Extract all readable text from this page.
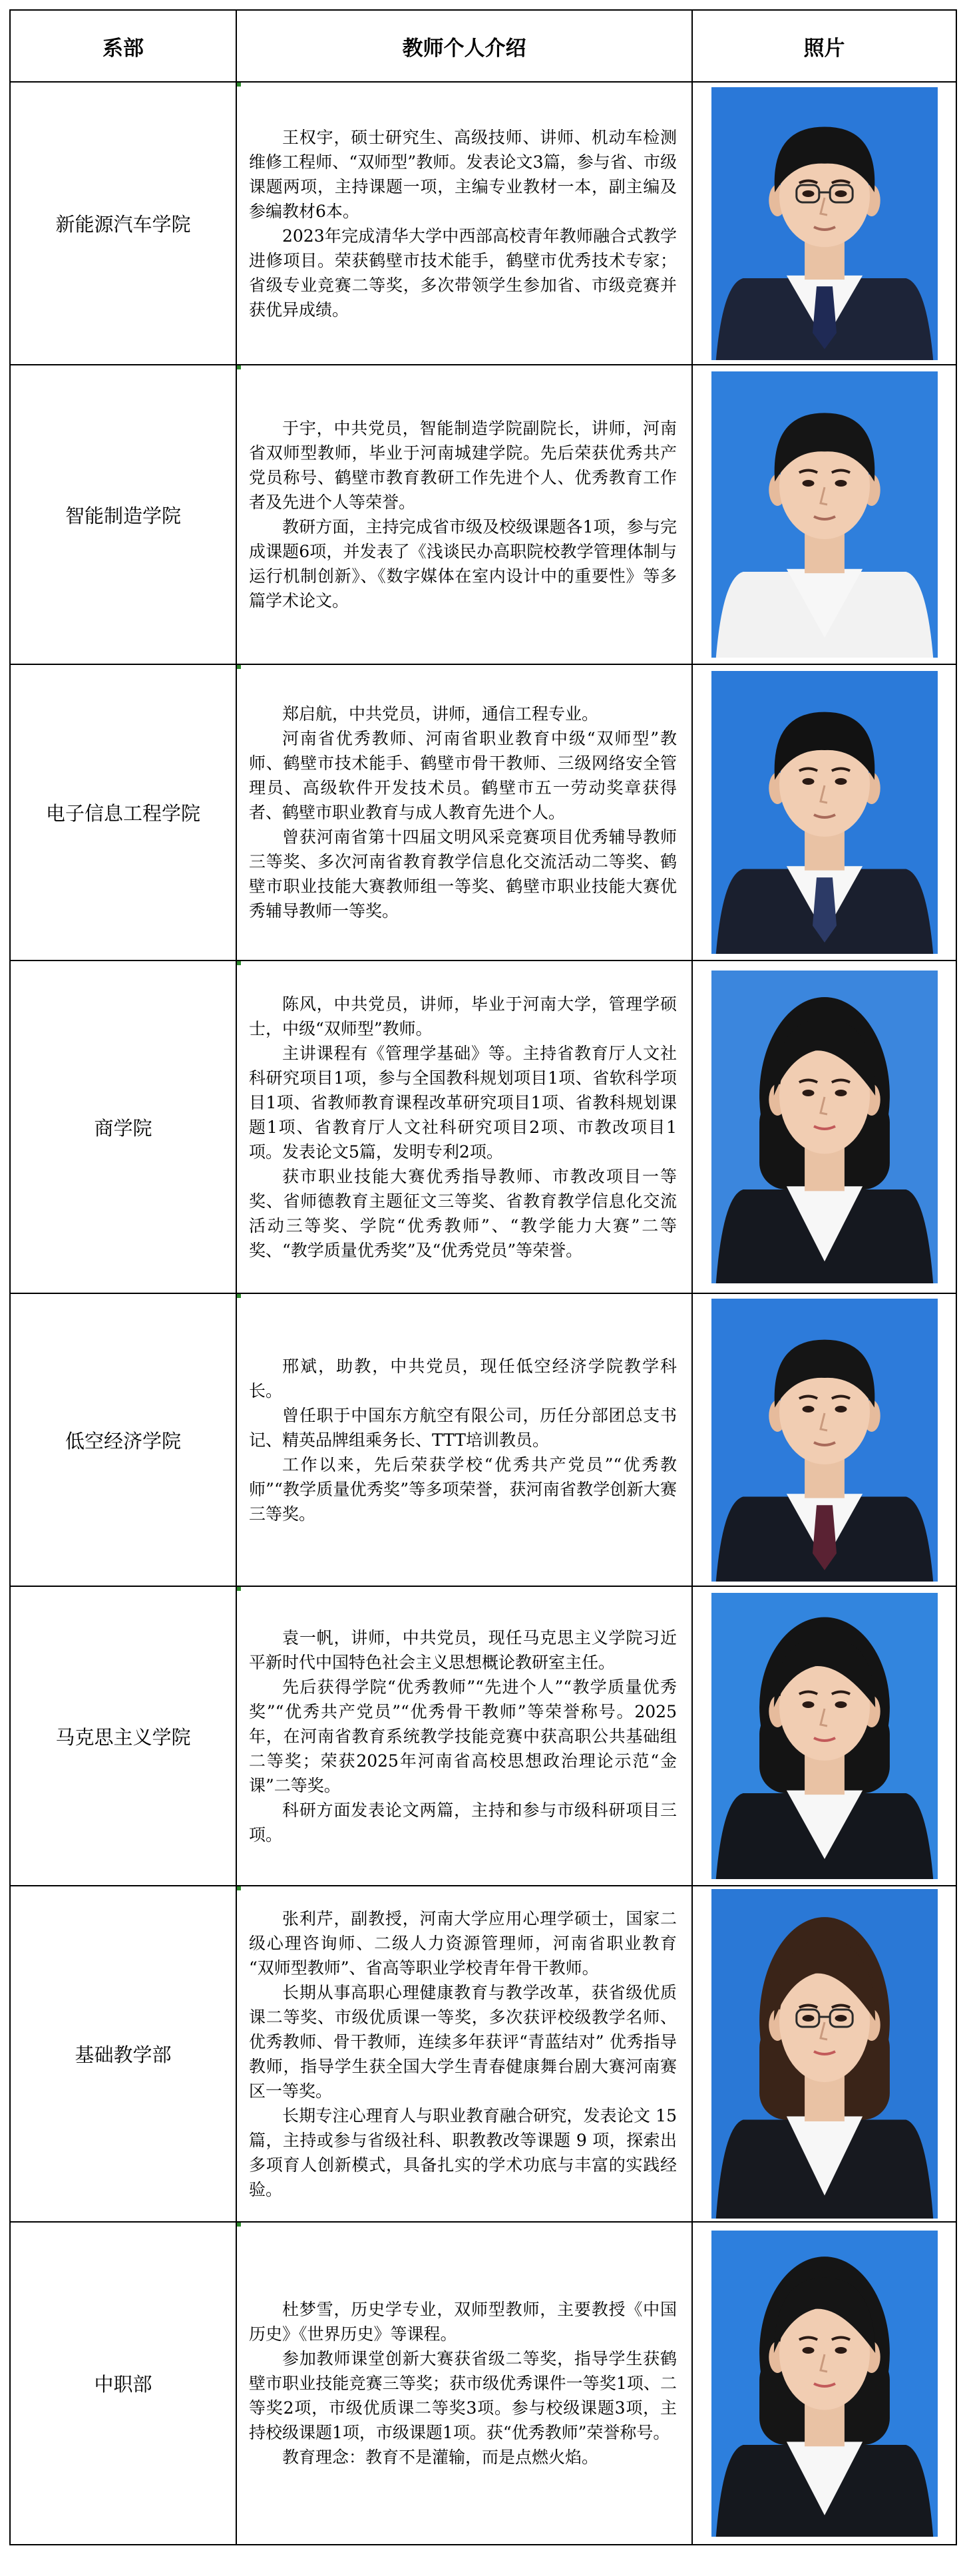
系部	教师个人介绍	照片
新能源汽车学院	王权宇，硕士研究生、高级技师、讲师、机动车检测维修工程师、“双师型”教师。发表论文3篇，参与省、市级课题两项，主持课题一项，主编专业教材一本，副主编及参编教材6本。

2023年完成清华大学中西部高校青年教师融合式教学进修项目。荣获鹤壁市技术能手，鹤壁市优秀技术专家；省级专业竞赛二等奖，多次带领学生参加省、市级竞赛并获优异成绩。

智能制造学院	于宇，中共党员，智能制造学院副院长，讲师，河南省双师型教师，毕业于河南城建学院。先后荣获优秀共产党员称号、鹤壁市教育教研工作先进个人、优秀教育工作者及先进个人等荣誉。

教研方面，主持完成省市级及校级课题各1项，参与完成课题6项，并发表了《浅谈民办高职院校教学管理体制与运行机制创新》、《数字媒体在室内设计中的重要性》等多篇学术论文。

电子信息工程学院	郑启航，中共党员，讲师，通信工程专业。

河南省优秀教师、河南省职业教育中级“双师型”教师、鹤壁市技术能手、鹤壁市骨干教师、三级网络安全管理员、高级软件开发技术员。鹤壁市五一劳动奖章获得者、鹤壁市职业教育与成人教育先进个人。

曾获河南省第十四届文明风采竞赛项目优秀辅导教师三等奖、多次河南省教育教学信息化交流活动二等奖、鹤壁市职业技能大赛教师组一等奖、鹤壁市职业技能大赛优秀辅导教师一等奖。

商学院	陈风，中共党员，讲师，毕业于河南大学，管理学硕士，中级“双师型”教师。

主讲课程有《管理学基础》等。主持省教育厅人文社科研究项目1项，参与全国教科规划项目1项、省软科学项目1项、省教师教育课程改革研究项目1项、省教科规划课题1项、省教育厅人文社科研究项目2项、市教改项目1项。发表论文5篇，发明专利2项。

获市职业技能大赛优秀指导教师、市教改项目一等奖、省师德教育主题征文三等奖、省教育教学信息化交流活动三等奖、学院“优秀教师”、“教学能力大赛”二等奖、“教学质量优秀奖”及“优秀党员”等荣誉。

低空经济学院	邢斌，助教，中共党员，现任低空经济学院教学科长。

曾任职于中国东方航空有限公司，历任分部团总支书记、精英品牌组乘务长、TTT培训教员。

工作以来，先后荣获学校“优秀共产党员”“优秀教师”“教学质量优秀奖”等多项荣誉，获河南省教学创新大赛三等奖。

马克思主义学院	袁一帆，讲师，中共党员，现任马克思主义学院习近平新时代中国特色社会主义思想概论教研室主任。

先后获得学院“优秀教师”“先进个人”“教学质量优秀奖”“优秀共产党员”“优秀骨干教师”等荣誉称号。2025年，在河南省教育系统教学技能竞赛中获高职公共基础组二等奖；荣获2025年河南省高校思想政治理论示范“金课”二等奖。

科研方面发表论文两篇，主持和参与市级科研项目三项。

基础教学部	张利芹，副教授，河南大学应用心理学硕士，国家二级心理咨询师、二级人力资源管理师，河南省职业教育 “双师型教师”、省高等职业学校青年骨干教师。

长期从事高职心理健康教育与教学改革，获省级优质课二等奖、市级优质课一等奖，多次获评校级教学名师、优秀教师、骨干教师，连续多年获评“青蓝结对” 优秀指导教师，指导学生获全国大学生青春健康舞台剧大赛河南赛区一等奖。

长期专注心理育人与职业教育融合研究，发表论文 15 篇，主持或参与省级社科、职教教改等课题 9 项，探索出多项育人创新模式，具备扎实的学术功底与丰富的实践经验。

中职部	杜梦雪，历史学专业，双师型教师，主要教授《中国历史》《世界历史》等课程。

参加教师课堂创新大赛获省级二等奖，指导学生获鹤壁市职业技能竞赛三等奖；获市级优秀课件一等奖1项、二等奖2项，市级优质课二等奖3项。参与校级课题3项，主持校级课题1项，市级课题1项。获“优秀教师”荣誉称号。

教育理念：教育不是灌输，而是点燃火焰。
